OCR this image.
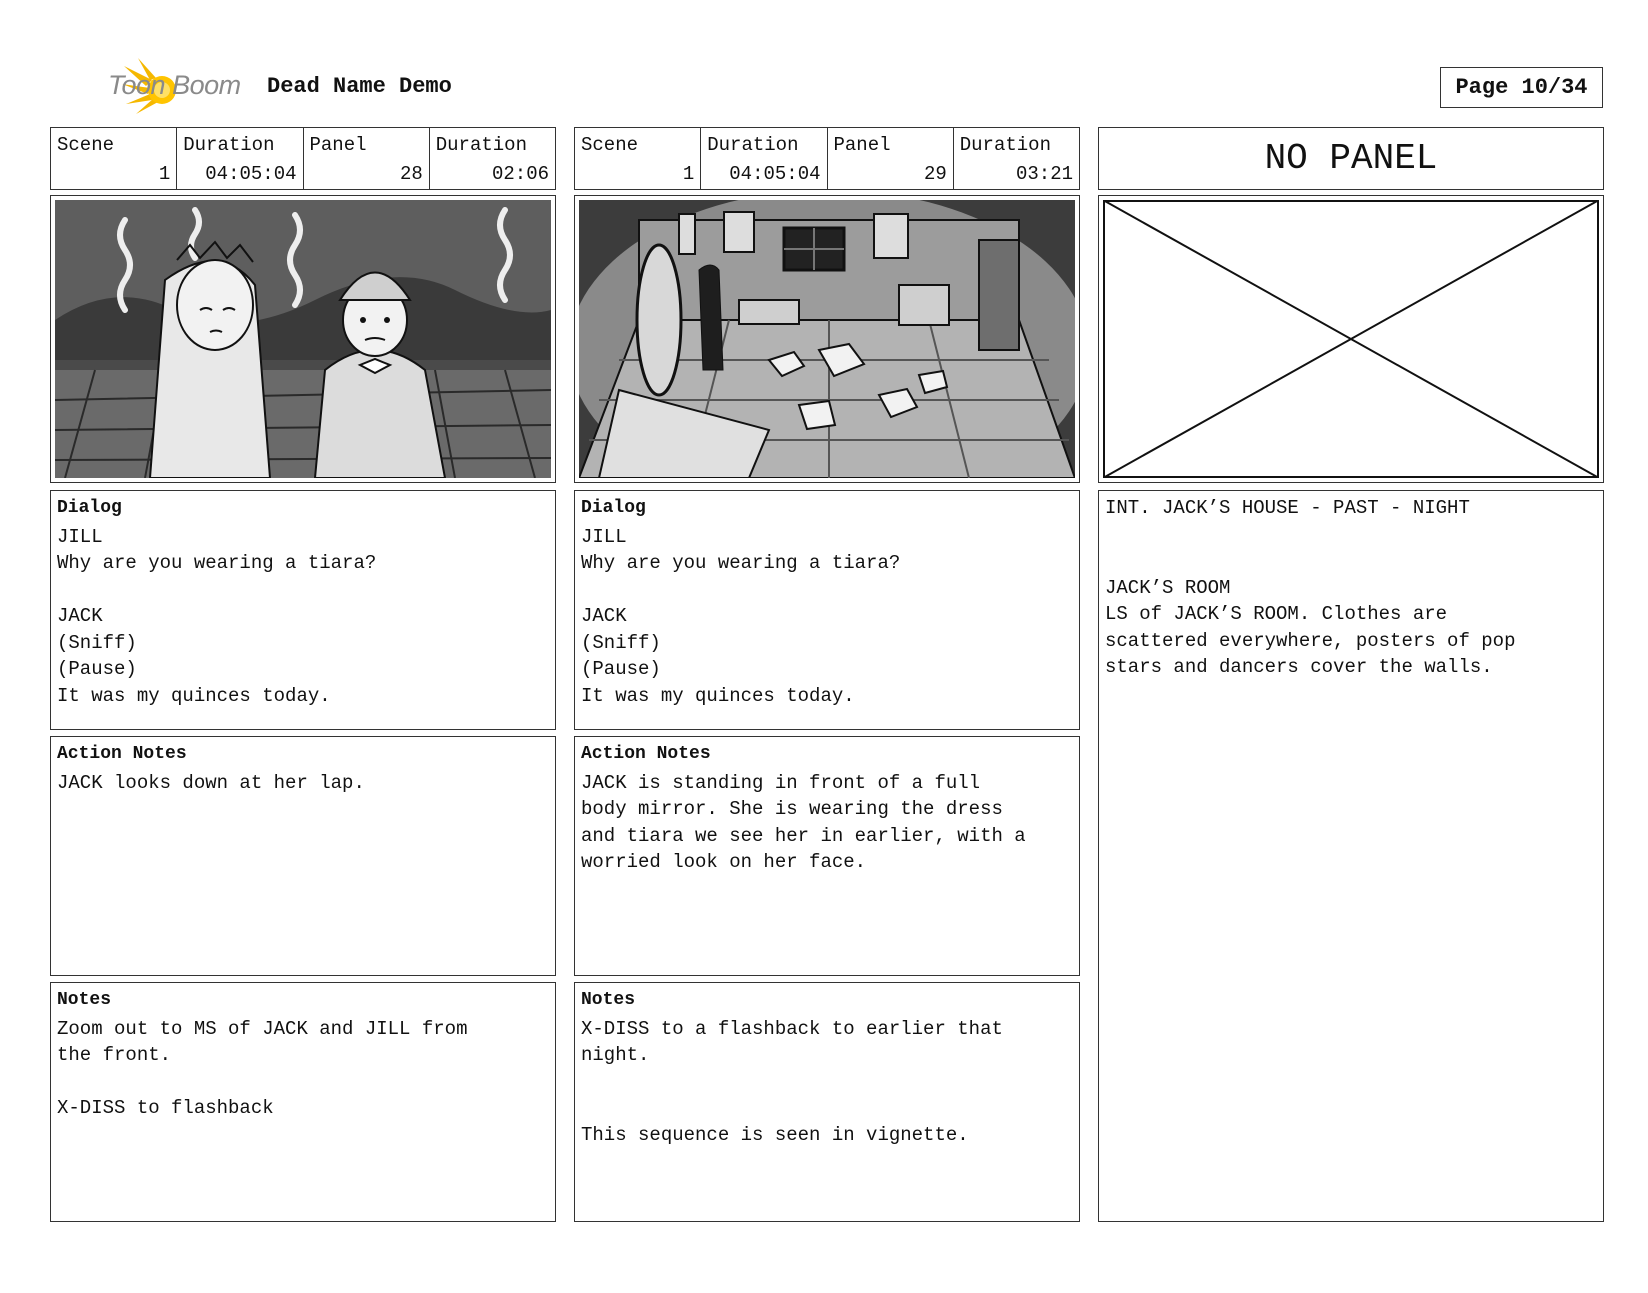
Toon Boom Dead Name Demo	Page 10/34
Scene
1
Duration
04:05:04
Panel
28
Duration
02:06
Scene
1
Duration
04:05:04
Panel
29
Duration
03:21	NO PANEL
Dialog
JILL
Why are you wearing a tiara?

JACK
(Sniff)
(Pause)
It was my quinces today.
Dialog
JILL
Why are you wearing a tiara?

JACK
(Sniff)
(Pause)
It was my quinces today.
Action Notes
JACK looks down at her lap.
Action Notes
JACK is standing in front of a full
body mirror. She is wearing the dress
and tiara we see her in earlier, with a
worried look on her face.
Notes
Zoom out to MS of JACK and JILL from
the front.

X-DISS to flashback
Notes
X-DISS to a flashback to earlier that
night.

This sequence is seen in vignette.
INT. JACK’S HOUSE - PAST - NIGHT

JACK’S ROOM
LS of JACK’S ROOM. Clothes are
scattered everywhere, posters of pop
stars and dancers cover the walls.
